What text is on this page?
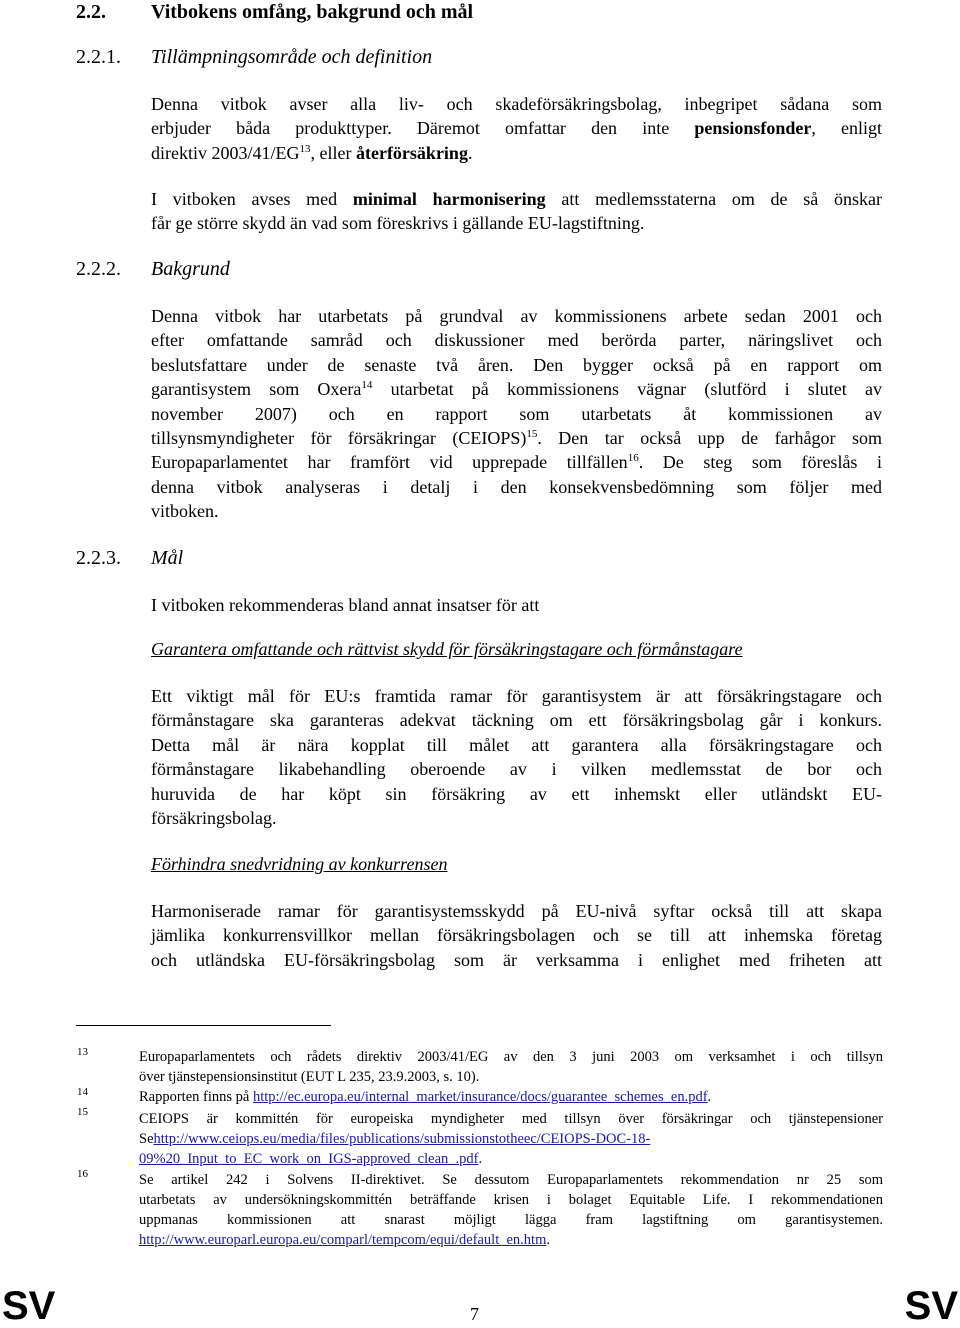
2.2. Vitbokens omfång, bakgrund och mål
2.2.1. Tillämpningsområde och definition
Denna vitbok avser alla liv- och skadeförsäkringsbolag, inbegripet sådana som
erbjuder båda produkttyper. Däremot omfattar den inte pensionsfonder, enligt
direktiv 2003/41/EG$^{13}$, eller återförsäkring.
I vitboken avses med minimal harmonisering att medlemsstaterna om de så önskar
får ge större skydd än vad som föreskrivs i gällande EU-lagstiftning.
2.2.2. Bakgrund
Denna vitbok har utarbetats på grundval av kommissionens arbete sedan 2001 och
efter omfattande samråd och diskussioner med berörda parter, näringslivet och
beslutsfattare under de senaste två åren. Den bygger också på en rapport om
garantisystem som Oxera$^{14}$ utarbetat på kommissionens vägnar (slutförd i slutet av
november 2007) och en rapport som utarbetats åt kommissionen av
tillsynsmyndigheter för försäkringar (CEIOPS)$^{15}$. Den tar också upp de farhågor som
Europaparlamentet har framfört vid upprepade tillfällen$^{16}$. De steg som föreslås i
denna vitbok analyseras i detalj i den konsekvensbedömning som följer med
vitboken.
2.2.3. Mål
I vitboken rekommenderas bland annat insatser för att
Garantera omfattande och rättvist skydd för försäkringstagare och förmånstagare
Ett viktigt mål för EU:s framtida ramar för garantisystem är att försäkringstagare och
förmånstagare ska garanteras adekvat täckning om ett försäkringsbolag går i konkurs.
Detta mål är nära kopplat till målet att garantera alla försäkringstagare och
förmånstagare likabehandling oberoende av i vilken medlemsstat de bor och
huruvida de har köpt sin försäkring av ett inhemskt eller utländskt EU-
försäkringsbolag.
Förhindra snedvridning av konkurrensen
Harmoniserade ramar för garantisystemsskydd på EU-nivå syftar också till att skapa
jämlika konkurrensvillkor mellan försäkringsbolagen och se till att inhemska företag
och utländska EU-försäkringsbolag som är verksamma i enlighet med friheten att
13	Europaparlamentets och rådets direktiv 2003/41/EG av den 3 juni 2003 om verksamhet i och tillsyn
över tjänstepensionsinstitut (EUT L 235, 23.9.2003, s. 10).
14	Rapporten finns på http://ec.europa.eu/internal_market/insurance/docs/guarantee_schemes_en.pdf.
15	CEIOPS är kommittén för europeiska myndigheter med tillsyn över försäkringar och tjänstepensioner
Sehttp://www.ceiops.eu/media/files/publications/submissionstotheec/CEIOPS-DOC-18-
09%20_Input_to_EC_work_on_IGS-approved_clean_.pdf.
16	Se artikel 242 i Solvens II-direktivet. Se dessutom Europaparlamentets rekommendation nr 25 som
utarbetats av undersökningskommittén beträffande krisen i bolaget Equitable Life. I rekommendationen
uppmanas kommissionen att snarast möjligt lägga fram lagstiftning om garantisystemen.
http://www.europarl.europa.eu/comparl/tempcom/equi/default_en.htm.
SV	7	SV
